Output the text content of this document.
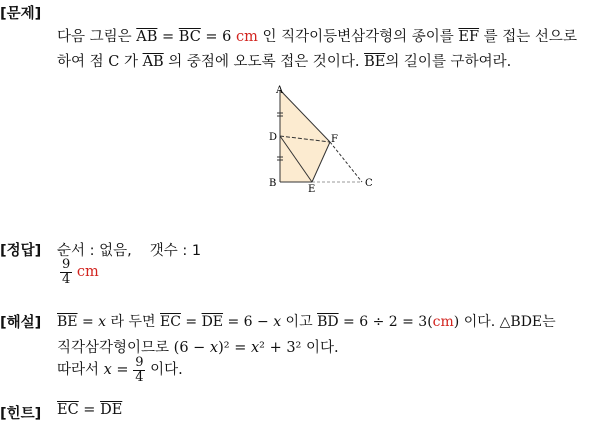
[문제]
다음 그림은 $\overline{AB} = \overline{BC} = 6$ cm 인 직각이등변삼각형의 종이를 $\overline{EF}$ 를 접는 선으로
하여 점 C 가 $\overline{AB}$ 의 중점에 오도록 접은 것이다. $\overline{BE}$의 길이를 구하여라.
A
D	F
B
E
C
[정답] 순서 : 없음, 갯수 : 1
$\frac{9}{4}$ cm
[해설] $\overline{BE} = x$ 라 두면 $\overline{EC} = \overline{DE} = 6 - x$ 이고 $\overline{BD} = 6 \div 2 = 3(cm)$ 이다. △BDE는
직각삼각형이므로 (6 − x)² = x² + 3² 이다.
따라서 $x = \frac{9}{4}$ 이다.
[힌트] $\overline{EC} = \overline{DE}$
